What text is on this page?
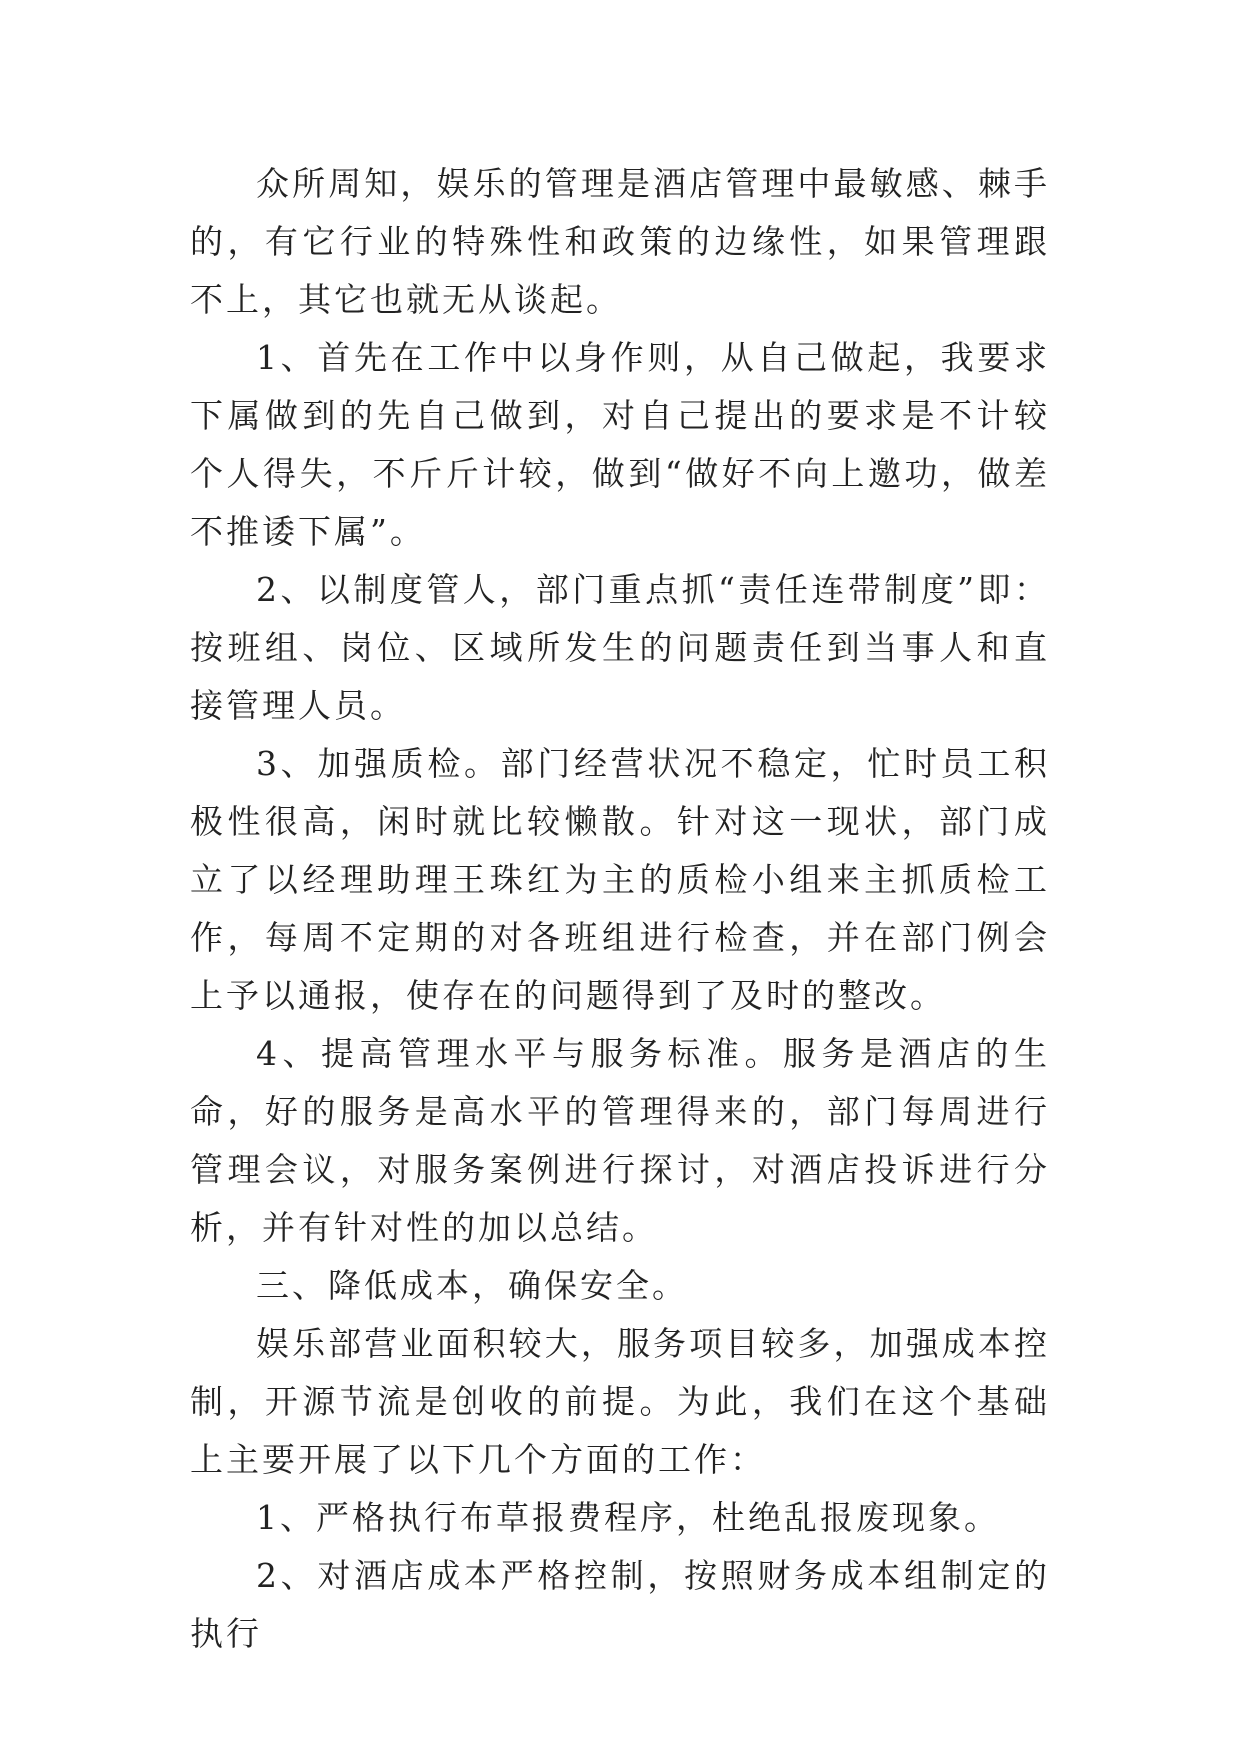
众所周知，娱乐的管理是酒店管理中最敏感、棘手的，有它行业的特殊性和政策的边缘性，如果管理跟不上，其它也就无从谈起。

1、首先在工作中以身作则，从自己做起，我要求下属做到的先自己做到，对自己提出的要求是不计较个人得失，不斤斤计较，做到“做好不向上邀功，做差不推诿下属”。

2、以制度管人，部门重点抓“责任连带制度”即：按班组、岗位、区域所发生的问题责任到当事人和直接管理人员。

3、加强质检。部门经营状况不稳定，忙时员工积极性很高，闲时就比较懒散。针对这一现状，部门成立了以经理助理王珠红为主的质检小组来主抓质检工作，每周不定期的对各班组进行检查，并在部门例会上予以通报，使存在的问题得到了及时的整改。

4、提高管理水平与服务标准。服务是酒店的生命，好的服务是高水平的管理得来的，部门每周进行管理会议，对服务案例进行探讨，对酒店投诉进行分析，并有针对性的加以总结。

三、降低成本，确保安全。

娱乐部营业面积较大，服务项目较多，加强成本控制，开源节流是创收的前提。为此，我们在这个基础上主要开展了以下几个方面的工作：

1、严格执行布草报费程序，杜绝乱报废现象。

2、对酒店成本严格控制，按照财务成本组制定的执行
